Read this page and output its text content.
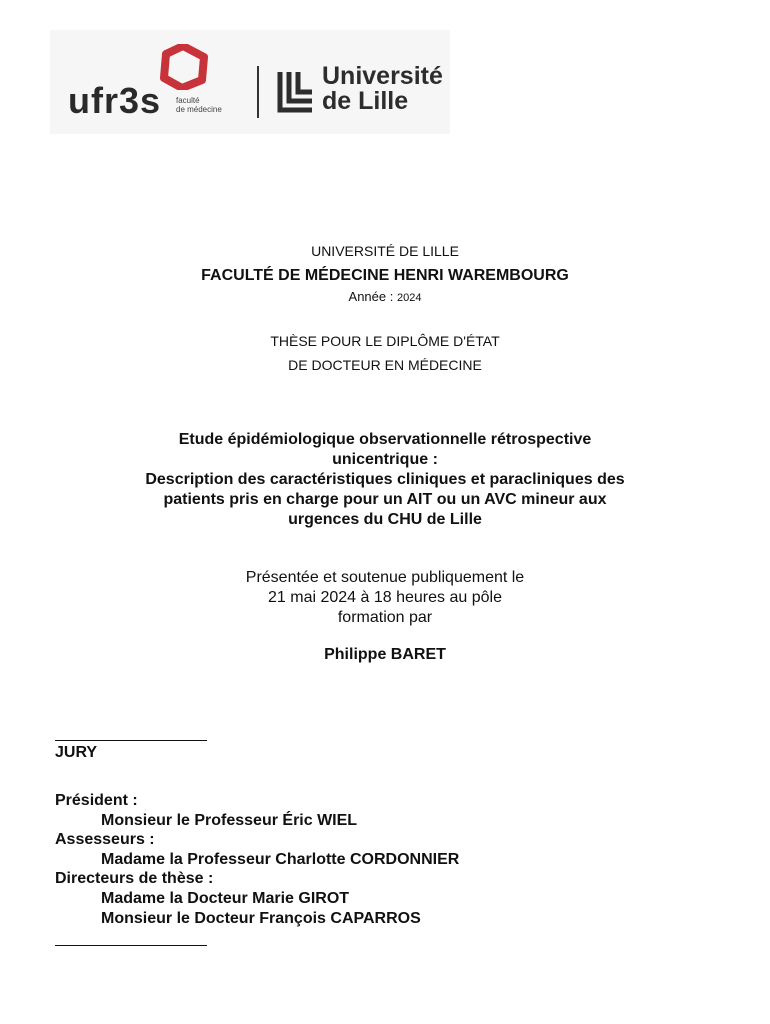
ufr3s faculté
de médecine
Université
de Lille
UNIVERSITÉ DE LILLE
FACULTÉ DE MÉDECINE HENRI WAREMBOURG
Année : 2024
THÈSE POUR LE DIPLÔME D'ÉTAT
DE DOCTEUR EN MÉDECINE
Etude épidémiologique observationnelle rétrospective
unicentrique :
Description des caractéristiques cliniques et paracliniques des
patients pris en charge pour un AIT ou un AVC mineur aux
urgences du CHU de Lille
Présentée et soutenue publiquement le
21 mai 2024 à 18 heures au pôle
formation par
Philippe BARET
JURY
Président :
Monsieur le Professeur Éric WIEL
Assesseurs :
Madame la Professeur Charlotte CORDONNIER
Directeurs de thèse :
Madame la Docteur Marie GIROT
Monsieur le Docteur François CAPARROS
